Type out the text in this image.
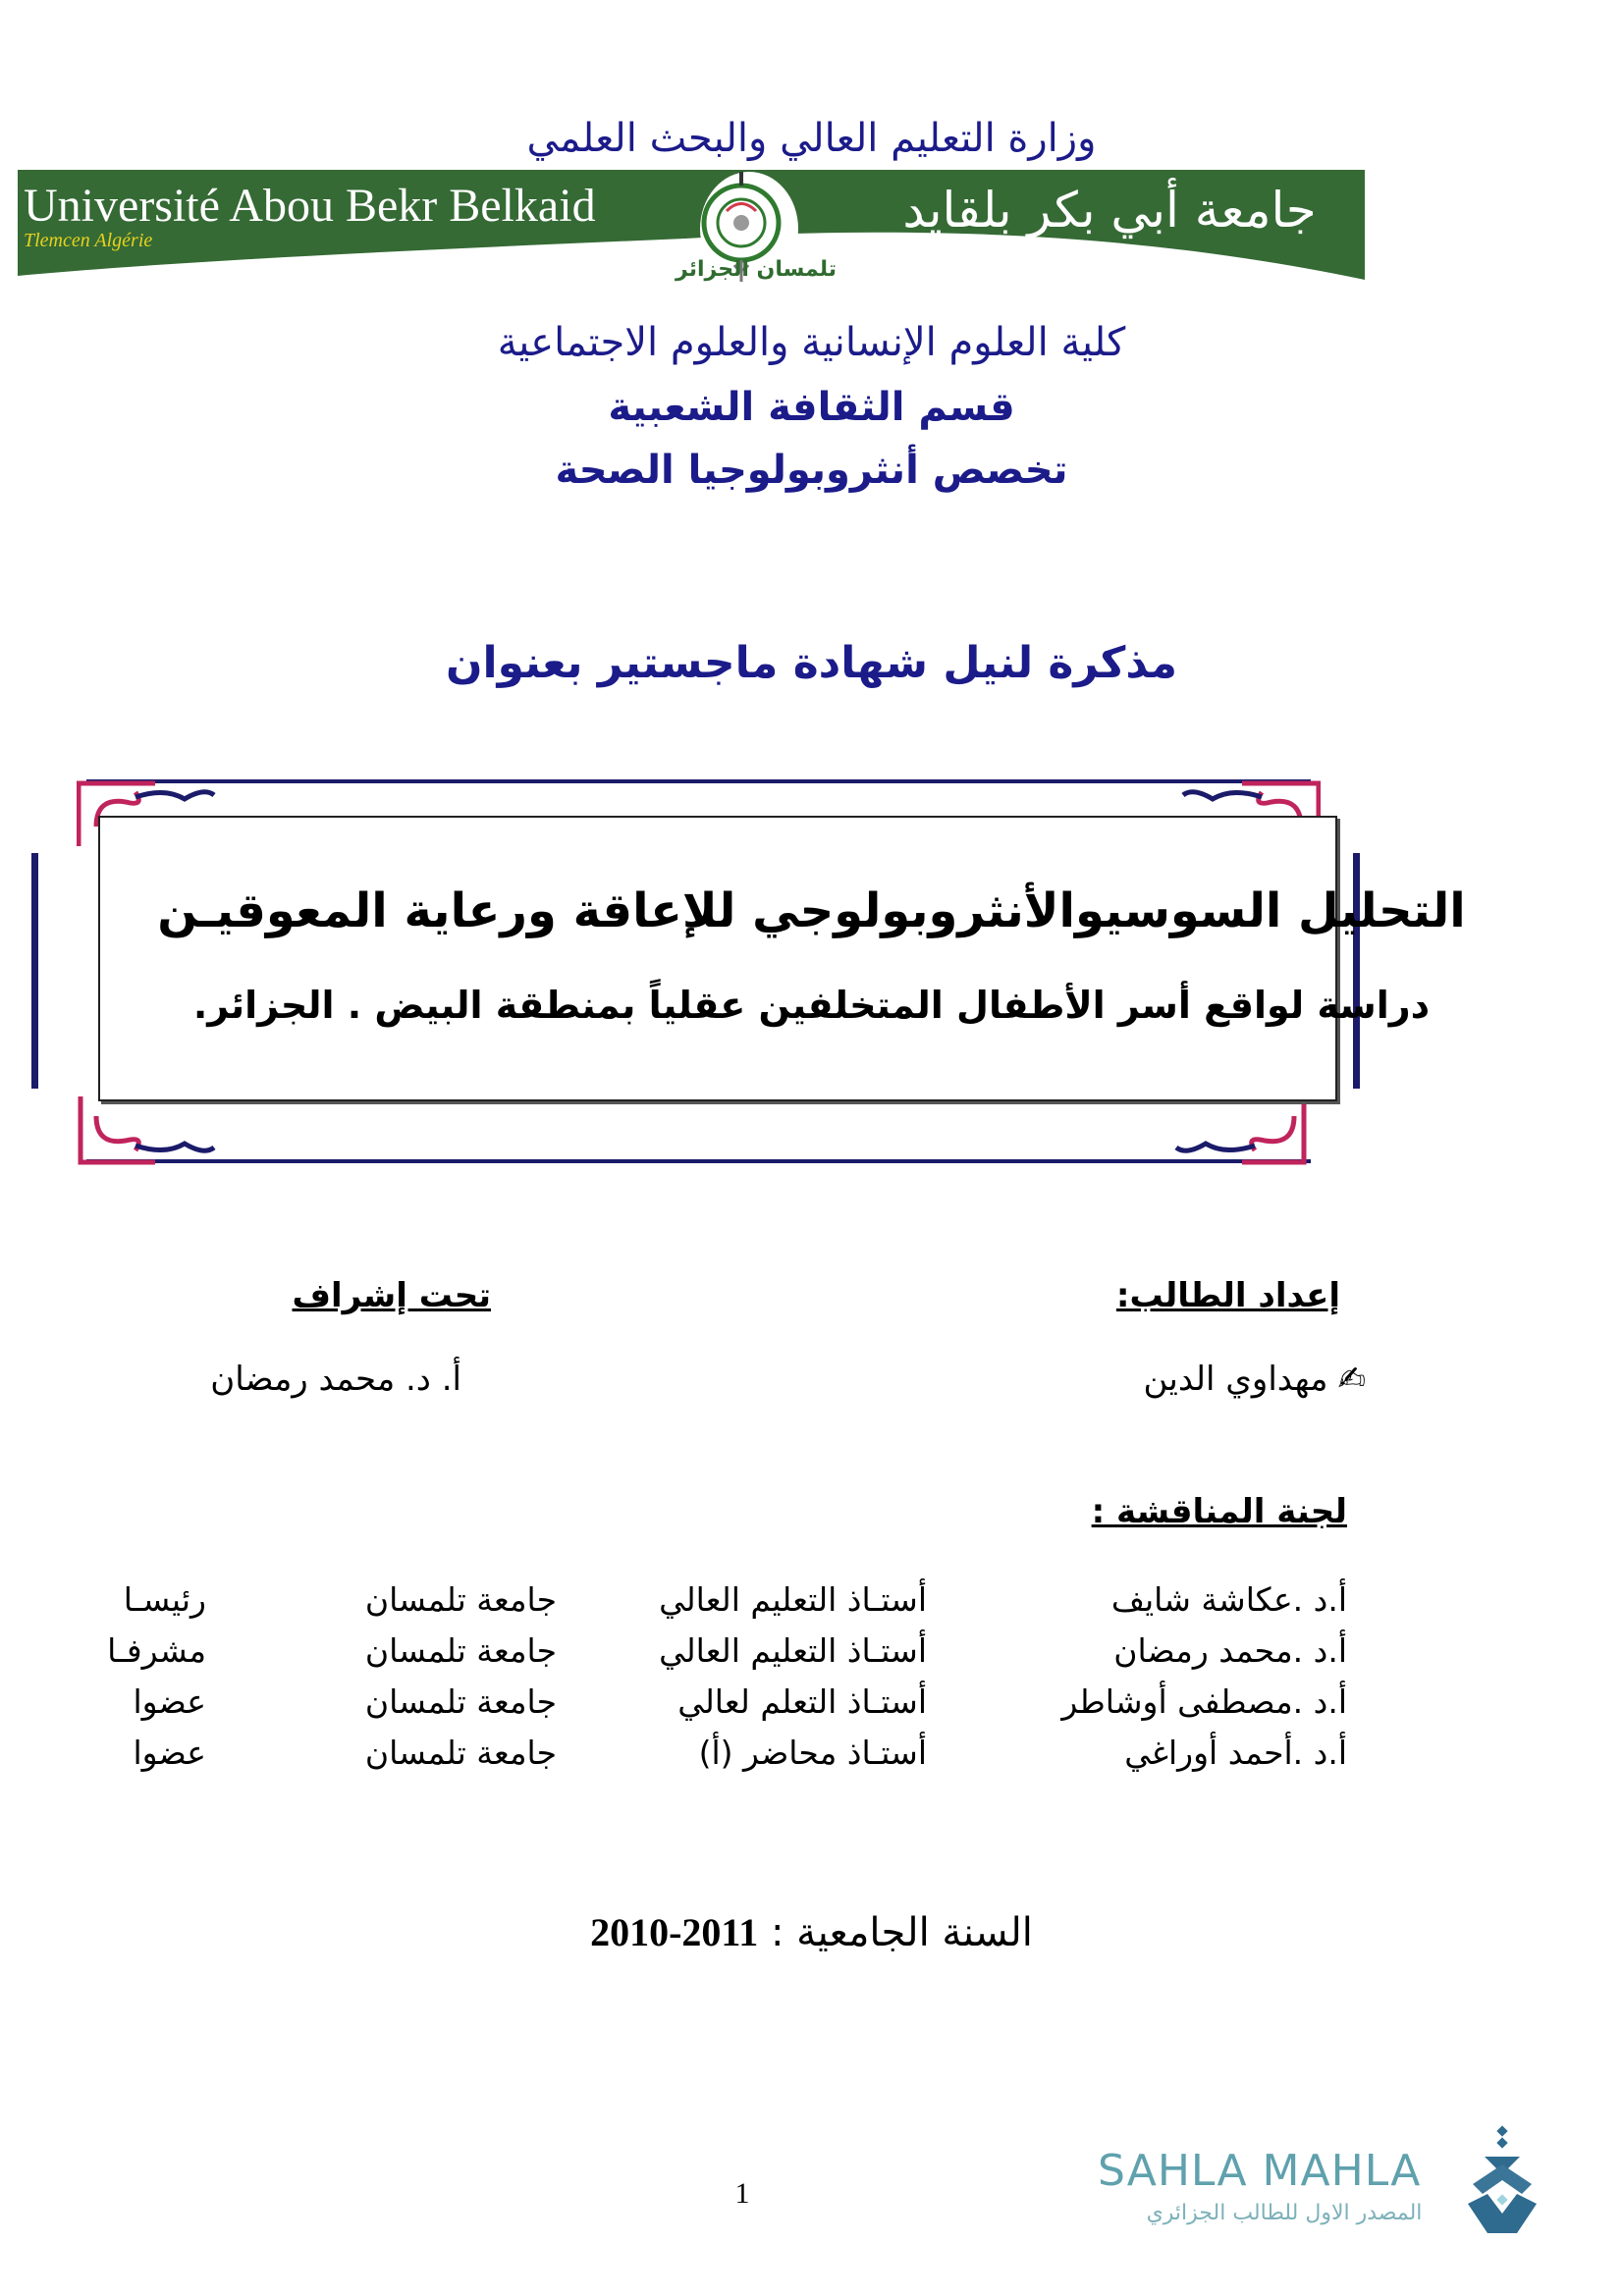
وزارة التعليم العالي والبحث العلمي
Université Abou Bekr Belkaid
Tlemcen Algérie
جامعة أبي بكر بلقايد
تلمسان الجزائر
كلية العلوم الإنسانية والعلوم الاجتماعية
قسم الثقافة الشعبية
تخصص أنثروبولوجيا الصحة
مذكرة لنيل شهادة ماجستير بعنوان
التحليل السوسيوالأنثروبولوجي للإعاقة ورعاية المعوقيـن
دراسة لواقع أسر الأطفال المتخلفين عقلياً بمنطقة البيض . الجزائر.
إعداد الطالب:
✍
مهداوي الدين
تحت إشراف
أ. د. محمد رمضان
لجنة المناقشة :
أ.د .عكاشة شايف
أستـاذ التعليم العالي
جامعة تلمسان
رئيسـا
أ.د .محمد رمضان
أستـاذ التعليم العالي
جامعة تلمسان
مشرفـا
أ.د .مصطفى أوشاطر
أستـاذ التعلم لعالي
جامعة تلمسان
عضوا
أ.د .أحمد أوراغي
أستـاذ محاضر (أ)
جامعة تلمسان
عضوا
السنة الجامعية : 2011-2010
1	SAHLA MAHLA
المصدر الاول للطالب الجزائري
